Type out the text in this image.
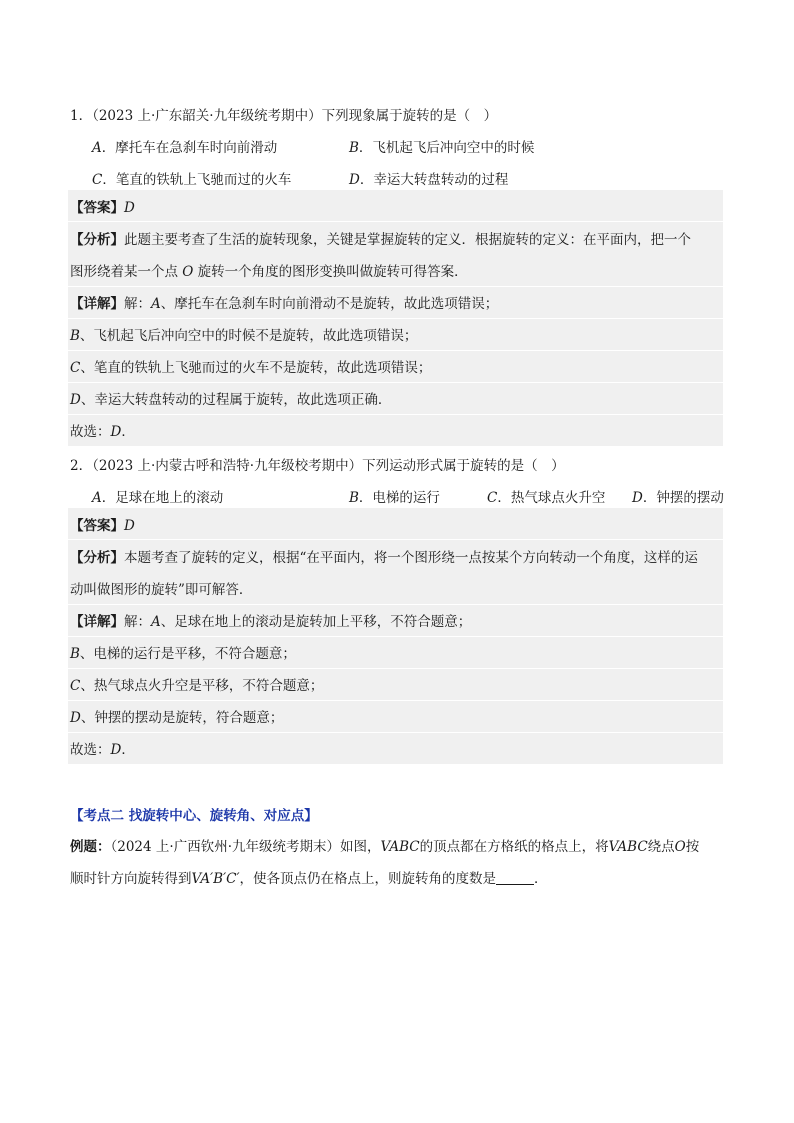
1．（2023 上·广东韶关·九年级统考期中）下列现象属于旋转的是（　）
A．摩托车在急刹车时向前滑动	B．飞机起飞后冲向空中的时候
C．笔直的铁轨上飞驰而过的火车	D．幸运大转盘转动的过程
【答案】D
【分析】此题主要考查了生活的旋转现象，关键是掌握旋转的定义．根据旋转的定义：在平面内，把一个
图形绕着某一个点 O 旋转一个角度的图形变换叫做旋转可得答案．
【详解】解：A、摩托车在急刹车时向前滑动不是旋转，故此选项错误；
B、飞机起飞后冲向空中的时候不是旋转，故此选项错误；
C、笔直的铁轨上飞驰而过的火车不是旋转，故此选项错误；
D、幸运大转盘转动的过程属于旋转，故此选项正确．
故选：D．
2．（2023 上·内蒙古呼和浩特·九年级校考期中）下列运动形式属于旋转的是（　）
A．足球在地上的滚动	B．电梯的运行	C．热气球点火升空 D．钟摆的摆动
【答案】D
【分析】本题考查了旋转的定义，根据“在平面内，将一个图形绕一点按某个方向转动一个角度，这样的运
动叫做图形的旋转”即可解答．
【详解】解：A、足球在地上的滚动是旋转加上平移，不符合题意；
B、电梯的运行是平移，不符合题意；
C、热气球点火升空是平移，不符合题意；
D、钟摆的摆动是旋转，符合题意；
故选：D．
【考点二 找旋转中心、旋转角、对应点】
例题：（2024 上·广西钦州·九年级统考期末）如图，VABC的顶点都在方格纸的格点上，将VABC绕点O按
顺时针方向旋转得到VA′B′C′，使各顶点仍在格点上，则旋转角的度数是	．
